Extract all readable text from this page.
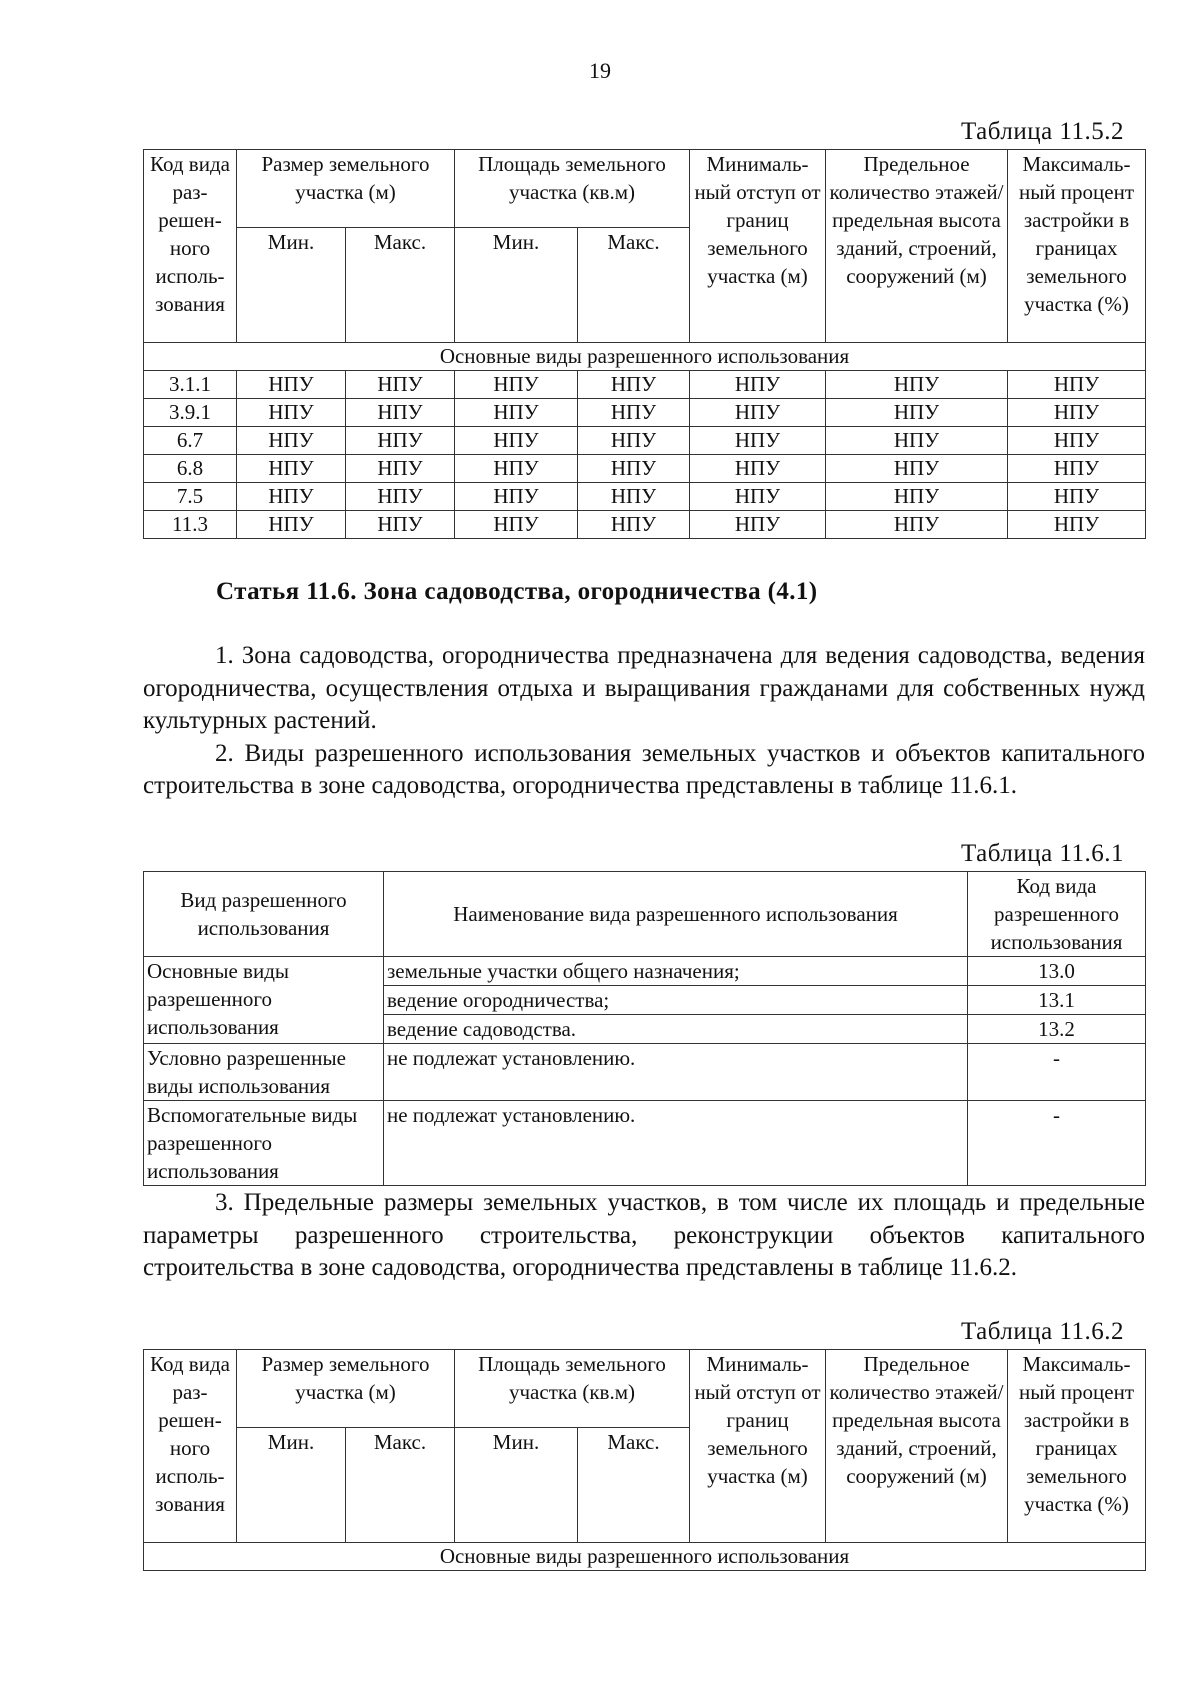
19
Таблица 11.5.2
Код вида раз-решен-ного исполь-зования	Размер земельного участка (м)		Площадь земельного участка (кв.м)		Минималь-ный отступ от границ земельного участка (м)	Предельное количество этажей/ предельная высота зданий, строений, сооружений (м)	Максималь-ный процент застройки в границах земельного участка (%)
	Мин.	Макс.	Мин.	Макс.			
Основные виды разрешенного использования							
3.1.1	НПУ	НПУ	НПУ	НПУ	НПУ	НПУ	НПУ
3.9.1	НПУ	НПУ	НПУ	НПУ	НПУ	НПУ	НПУ
6.7	НПУ	НПУ	НПУ	НПУ	НПУ	НПУ	НПУ
6.8	НПУ	НПУ	НПУ	НПУ	НПУ	НПУ	НПУ
7.5	НПУ	НПУ	НПУ	НПУ	НПУ	НПУ	НПУ
11.3	НПУ	НПУ	НПУ	НПУ	НПУ	НПУ	НПУ
Статья 11.6. Зона садоводства, огородничества (4.1)

1. Зона садоводства, огородничества предназначена для ведения садоводства, ведения огородничества, осуществления отдыха и выращивания гражданами для собственных нужд культурных растений.

2. Виды разрешенного использования земельных участков и объектов капитального строительства в зоне садоводства, огородничества представлены в таблице 11.6.1.

Таблица 11.6.1
Вид разрешенного использования	Наименование вида разрешенного использования	Код вида разрешенного использования
Основные виды разрешенного использования	земельные участки общего назначения;	13.0
	ведение огородничества;	13.1
	ведение садоводства.	13.2
Условно разрешенные виды использования	не подлежат установлению.	-
Вспомогательные виды разрешенного использования	не подлежат установлению.	-

3. Предельные размеры земельных участков, в том числе их площадь и предельные параметры разрешенного строительства, реконструкции объектов капитального строительства в зоне садоводства, огородничества представлены в таблице 11.6.2.

Таблица 11.6.2
Код вида раз-решен-ного исполь-зования	Размер земельного участка (м)		Площадь земельного участка (кв.м)		Минималь-ный отступ от границ земельного участка (м)	Предельное количество этажей/ предельная высота зданий, строений, сооружений (м)	Максималь-ный процент застройки в границах земельного участка (%)
	Мин.	Макс.	Мин.	Макс.			
Основные виды разрешенного использования							
